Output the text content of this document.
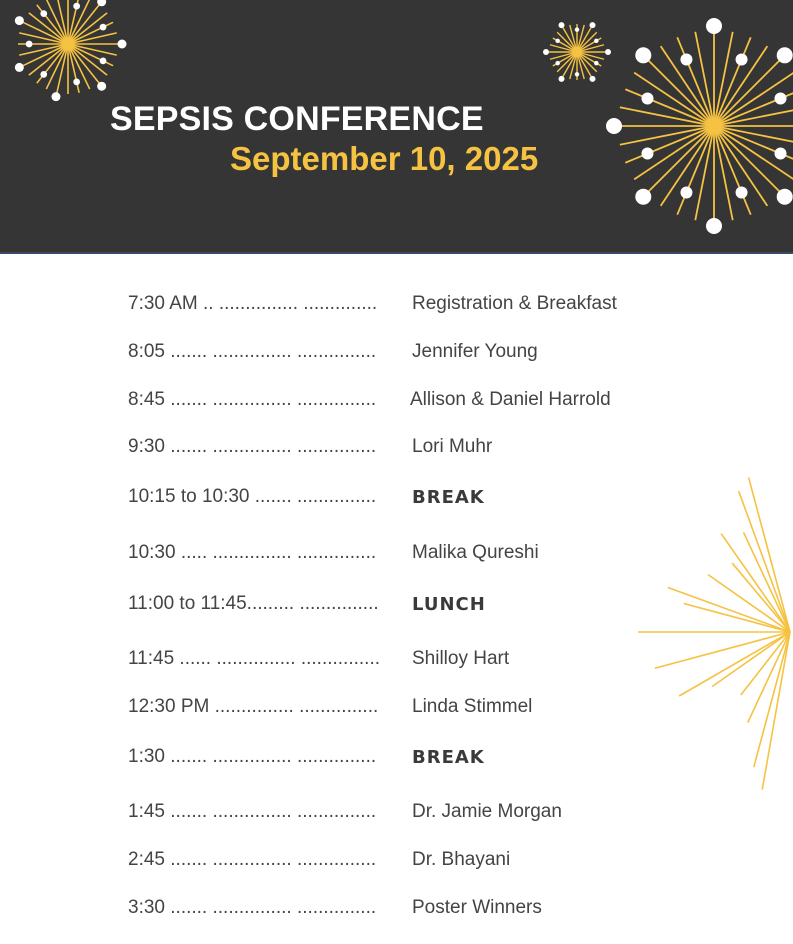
SEPSIS CONFERENCE
September 10, 2025
7:30 AM .. ............... .............. Registration & Breakfast
8:05 ....... ............... ............... Jennifer Young
8:45 ....... ............... ............... Allison & Daniel Harrold
9:30 ....... ............... ............... Lori Muhr
10:15 to 10:30 ....... ............... BREAK
10:30 ..... ............... ............... Malika Qureshi
11:00 to 11:45......... ............... LUNCH
11:45 ...... ............... ............... Shilloy Hart
12:30 PM ............... ............... Linda Stimmel
1:30 ....... ............... ............... BREAK
1:45 ....... ............... ............... Dr. Jamie Morgan
2:45 ....... ............... ............... Dr. Bhayani
3:30 ....... ............... ............... Poster Winners
